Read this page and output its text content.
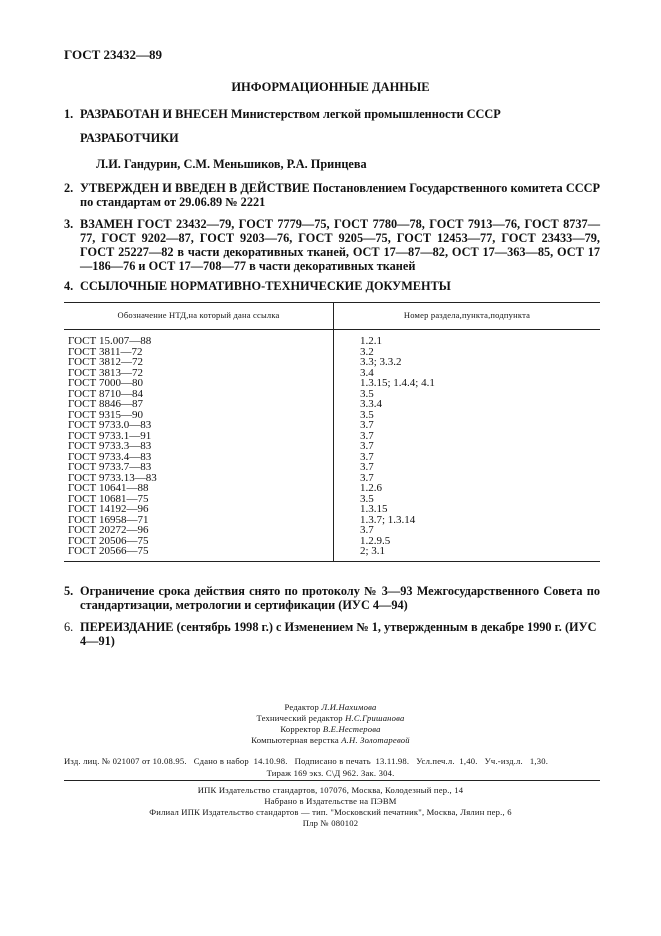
ГОСТ 23432—89
ИНФОРМАЦИОННЫЕ ДАННЫЕ
1. РАЗРАБОТАН И ВНЕСЕН Министерством легкой промышленности СССР
РАЗРАБОТЧИКИ
Л.И. Гандурин, С.М. Меньшиков, Р.А. Принцева
2. УТВЕРЖДЕН И ВВЕДЕН В ДЕЙСТВИЕ Постановлением Государственного комитета СССР по стандартам от 29.06.89 № 2221
3. ВЗАМЕН ГОСТ 23432—79, ГОСТ 7779—75, ГОСТ 7780—78, ГОСТ 7913—76, ГОСТ 8737—77, ГОСТ 9202—87, ГОСТ 9203—76, ГОСТ 9205—75, ГОСТ 12453—77, ГОСТ 23433—79, ГОСТ 25227—82 в части декоративных тканей, ОСТ 17—87—82, ОСТ 17—363—85, ОСТ 17—186—76 и ОСТ 17—708—77 в части декоративных тканей
4. ССЫЛОЧНЫЕ НОРМАТИВНО-ТЕХНИЧЕСКИЕ ДОКУМЕНТЫ
Обозначение НТД,на который дана ссылка	Номер раздела,пункта,подпункта
ГОСТ 15.007—88	1.2.1
ГОСТ 3811—72	3.2
ГОСТ 3812—72	3.3; 3.3.2
ГОСТ 3813—72	3.4
ГОСТ 7000—80	1.3.15; 1.4.4; 4.1
ГОСТ 8710—84	3.5
ГОСТ 8846—87	3.3.4
ГОСТ 9315—90	3.5
ГОСТ 9733.0—83	3.7
ГОСТ 9733.1—91	3.7
ГОСТ 9733.3—83	3.7
ГОСТ 9733.4—83	3.7
ГОСТ 9733.7—83	3.7
ГОСТ 9733.13—83	3.7
ГОСТ 10641—88	1.2.6
ГОСТ 10681—75	3.5
ГОСТ 14192—96	1.3.15
ГОСТ 16958—71	1.3.7; 1.3.14
ГОСТ 20272—96	3.7
ГОСТ 20506—75	1.2.9.5
ГОСТ 20566—75	2; 3.1
5. Ограничение срока действия снято по протоколу № 3—93 Межгосударственного Совета по стандартизации, метрологии и сертификации (ИУС 4—94)
6. ПЕРЕИЗДАНИЕ (сентябрь 1998 г.) с Изменением № 1, утвержденным в декабре 1990 г. (ИУС 4—91)
Редактор Л.И.Нахимова
Технический редактор Н.С.Гришанова
Корректор В.Е.Нестерова
Компьютерная верстка А.Н. Золотаревой
Изд. лиц. № 021007 от 10.08.95.   Сдано в набор  14.10.98.   Подписано в печать  13.11.98.   Усл.печ.л.  1,40.   Уч.-изд.л.   1,30.
Тираж 169 экз. С\Д 962. Зак. 304.
ИПК Издательство стандартов, 107076, Москва, Колодезный пер., 14
Набрано в Издательстве на ПЭВМ
Филиал ИПК Издательство стандартов — тип. "Московский печатник", Москва, Лялин пер., 6
Плр № 080102
